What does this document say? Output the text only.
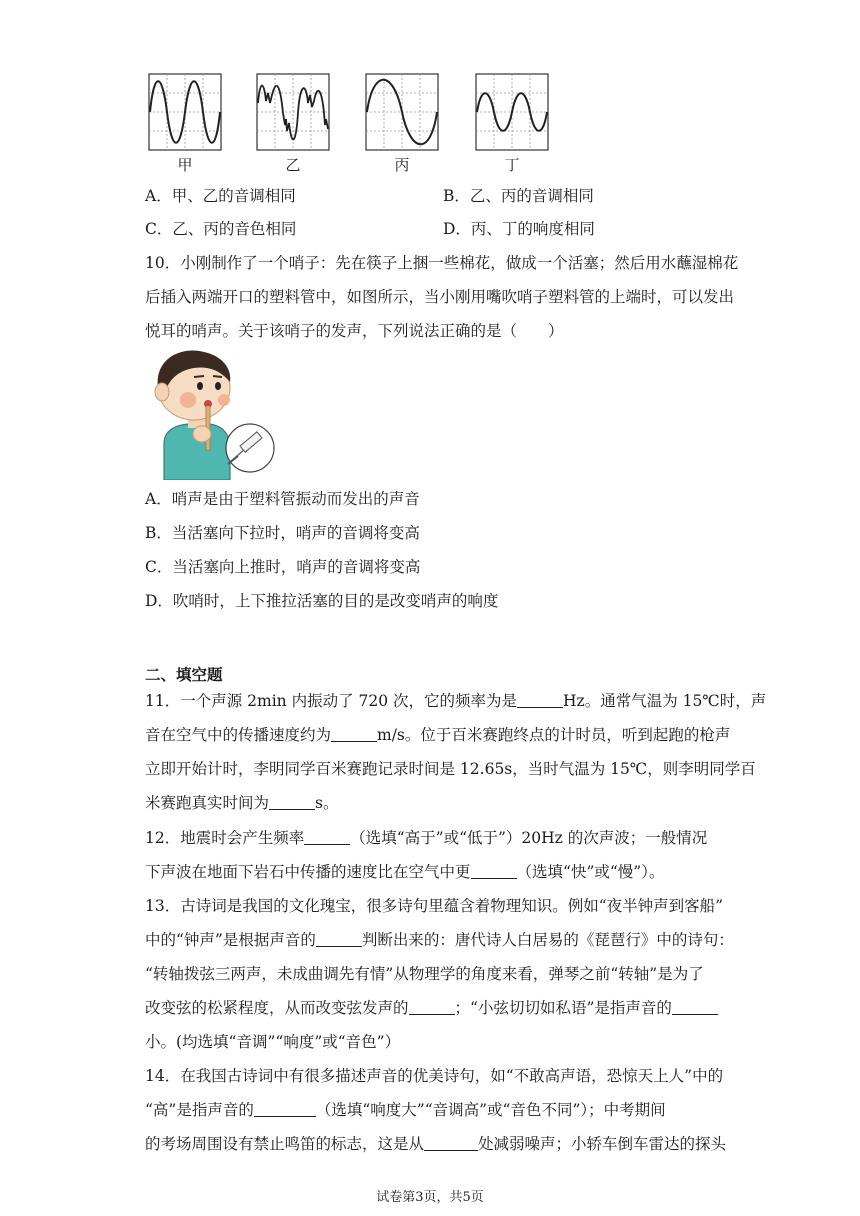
甲	乙	丙	丁
A．甲、乙的音调相同	B．乙、丙的音调相同
C．乙、丙的音色相同	D．丙、丁的响度相同
10．小刚制作了一个哨子：先在筷子上捆一些棉花，做成一个活塞；然后用水蘸湿棉花
后插入两端开口的塑料管中，如图所示，当小刚用嘴吹哨子塑料管的上端时，可以发出
悦耳的哨声。关于该哨子的发声，下列说法正确的是（　　）
A．哨声是由于塑料管振动而发出的声音
B．当活塞向下拉时，哨声的音调将变高
C．当活塞向上推时，哨声的音调将变高
D．吹哨时，上下推拉活塞的目的是改变哨声的响度
二、填空题
11．一个声源 2min 内振动了 720 次，它的频率为是	Hz。通常气温为 15℃时，声
音在空气中的传播速度约为	m/s。位于百米赛跑终点的计时员，听到起跑的枪声
立即开始计时，李明同学百米赛跑记录时间是 12.65s，当时气温为 15℃，则李明同学百
米赛跑真实时间为	s。
12．地震时会产生频率	（选填“高于”或“低于”）20Hz 的次声波；一般情况
下声波在地面下岩石中传播的速度比在空气中更	（选填“快”或“慢”）。
13．古诗词是我国的文化瑰宝，很多诗句里蕴含着物理知识。例如“夜半钟声到客船”
中的“钟声”是根据声音的	判断出来的：唐代诗人白居易的《琵琶行》中的诗句：
“转轴拨弦三两声，未成曲调先有情”从物理学的角度来看，弹琴之前“转轴”是为了
改变弦的松紧程度，从而改变弦发声的	；“小弦切切如私语”是指声音的
小。(均选填“音调”“响度”或“音色”）
14．在我国古诗词中有很多描述声音的优美诗句，如“不敢高声语，恐惊天上人”中的
“高”是指声音的	（选填“响度大”“音调高”或“音色不同”）；中考期间
的考场周围设有禁止鸣笛的标志，这是从	处减弱噪声；小轿车倒车雷达的探头
试卷第3页，共5页
